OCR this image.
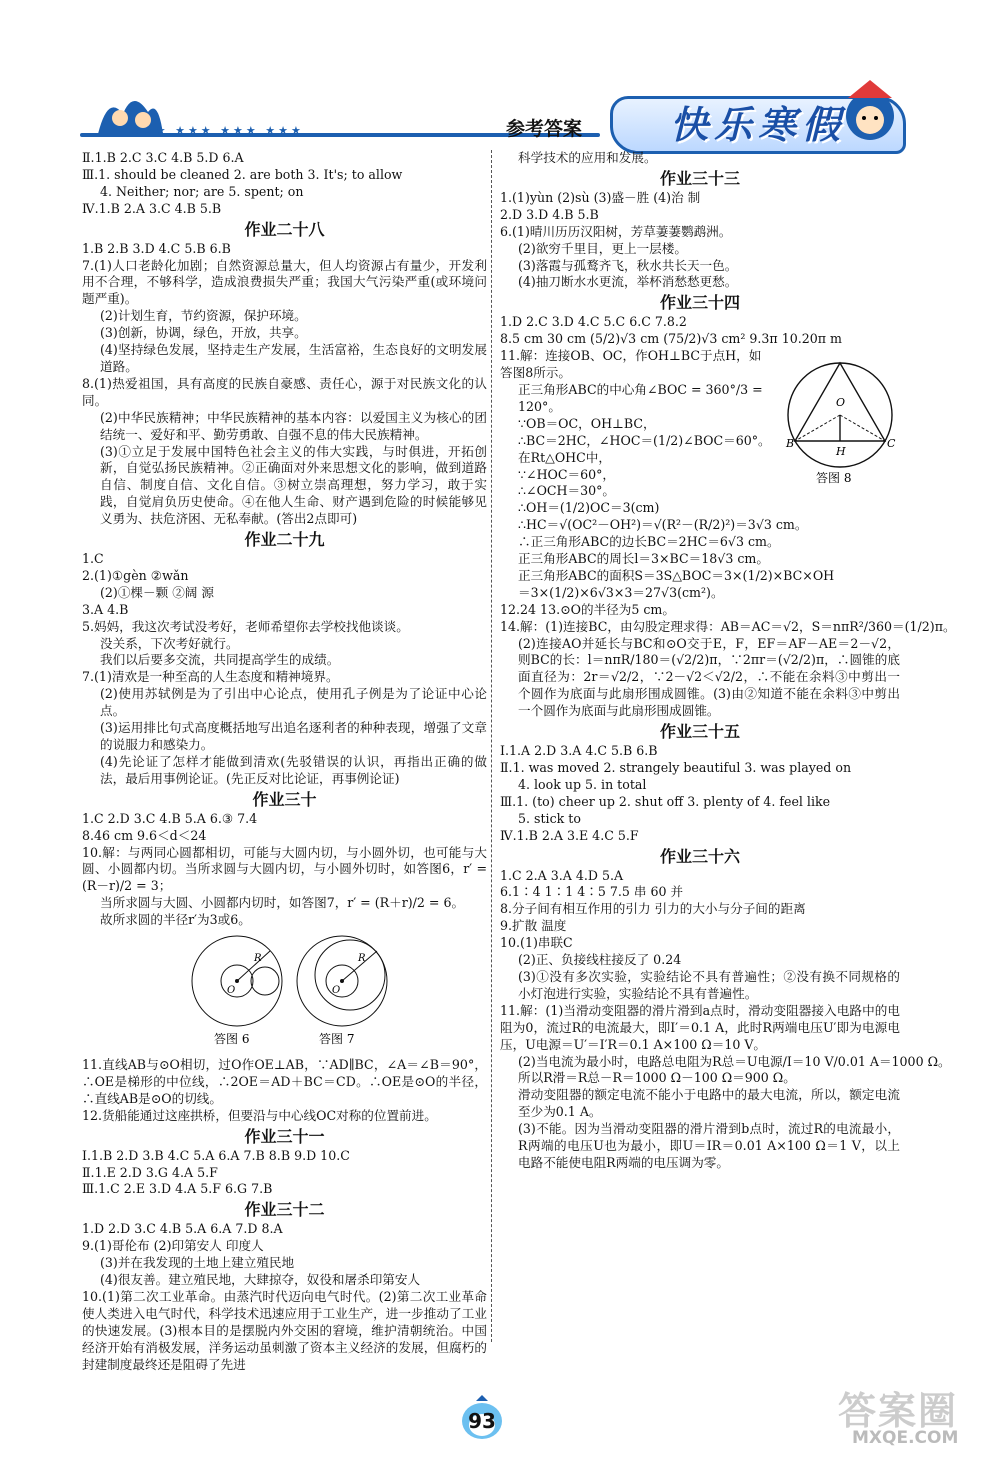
★★★ ★★★ ★★★ ★★★	参考答案	快乐寒假
Ⅱ.1.B 2.C 3.C 4.B 5.D 6.A
Ⅲ.1. should be cleaned 2. are both 3. It's; to allow
4. Neither; nor; are 5. spent; on
Ⅳ.1.B 2.A 3.C 4.B 5.B
作业二十八
1.B 2.B 3.D 4.C 5.B 6.B
7.(1)人口老龄化加剧；自然资源总量大，但人均资源占有量少，开发利用不合理，不够科学，造成浪费损失严重；我国大气污染严重(或环境问题严重)。
(2)计划生育，节约资源，保护环境。
(3)创新，协调，绿色，开放，共享。
(4)坚持绿色发展，坚持走生产发展，生活富裕，生态良好的文明发展道路。
8.(1)热爱祖国，具有高度的民族自豪感、责任心，源于对民族文化的认同。
(2)中华民族精神；中华民族精神的基本内容：以爱国主义为核心的团结统一、爱好和平、勤劳勇敢、自强不息的伟大民族精神。
(3)①立足于发展中国特色社会主义的伟大实践，与时俱进，开拓创新，自觉弘扬民族精神。②正确面对外来思想文化的影响，做到道路自信、制度自信、文化自信。③树立崇高理想，努力学习，敢于实践，自觉肩负历史使命。④在他人生命、财产遇到危险的时候能够见义勇为、扶危济困、无私奉献。(答出2点即可)
作业二十九
1.C
2.(1)①gèn ②wǎn
(2)①棵－颗 ②阔 源
3.A 4.B
5.妈妈，我这次考试没考好，老师希望你去学校找他谈谈。
没关系，下次考好就行。
我们以后要多交流，共同提高学生的成绩。
7.(1)清欢是一种至高的人生态度和精神境界。
(2)使用苏轼例是为了引出中心论点，使用孔子例是为了论证中心论点。
(3)运用排比句式高度概括地写出追名逐利者的种种表现，增强了文章的说服力和感染力。
(4)先论证了怎样才能做到清欢(先驳错误的认识，再指出正确的做法，最后用事例论证。(先正反对比论证，再事例论证)
作业三十
1.C 2.D 3.C 4.B 5.A 6.③ 7.4
8.46 cm 9.6＜d＜24
10.解：与两同心圆都相切，可能与大圆内切，与小圆外切，也可能与大圆、小圆都内切。当所求圆与大圆内切，与小圆外切时，如答图6，r′ = (R－r)/2 = 3；
当所求圆与大圆、小圆都内切时，如答图7，r′ = (R＋r)/2 = 6。
故所求圆的半径r′为3或6。
R
O
R
O
答图 6	答图 7
11.直线AB与⊙O相切，过O作OE⊥AB，∵AD∥BC，∠A＝∠B＝90°，∴OE是梯形的中位线，∴2OE＝AD＋BC＝CD。∴OE是⊙O的半径，∴直线AB是⊙O的切线。
12.货船能通过这座拱桥，但要沿与中心线OC对称的位置前进。
作业三十一
Ⅰ.1.B 2.D 3.B 4.C 5.A 6.A 7.B 8.B 9.D 10.C
Ⅱ.1.E 2.D 3.G 4.A 5.F
Ⅲ.1.C 2.E 3.D 4.A 5.F 6.G 7.B
作业三十二
1.D 2.D 3.C 4.B 5.A 6.A 7.D 8.A
9.(1)哥伦布 (2)印第安人 印度人
(3)并在我发现的土地上建立殖民地
(4)很友善。建立殖民地，大肆掠夺，奴役和屠杀印第安人
10.(1)第二次工业革命。由蒸汽时代迈向电气时代。(2)第二次工业革命使人类进入电气时代，科学技术迅速应用于工业生产，进一步推动了工业的快速发展。(3)根本目的是摆脱内外交困的窘境，维护清朝统治。中国经济开始有消极发展，洋务运动虽刺激了资本主义经济的发展，但腐朽的封建制度最终还是阻碍了先进
科学技术的应用和发展。
作业三十三
1.(1)yùn (2)sù (3)盛－胜 (4)治 制
2.D 3.D 4.B 5.B
6.(1)晴川历历汉阳树，芳草萋萋鹦鹉洲。
(2)欲穷千里目，更上一层楼。
(3)落霞与孤鹜齐飞，秋水共长天一色。
(4)抽刀断水水更流，举杯消愁愁更愁。
作业三十四
1.D 2.C 3.D 4.C 5.C 6.C 7.8.2
8.5 cm 30 cm (5/2)√3 cm (75/2)√3 cm² 9.3π 10.20π m
11.解：连接OB、OC，作OH⊥BC于点H，如答图8所示。
正三角形ABC的中心角∠BOC = 360°/3 = 120°。
∵OB＝OC，OH⊥BC，
∴BC＝2HC，∠HOC＝(1/2)∠BOC＝60°。
在Rt△OHC中，
∵∠HOC＝60°，
∴∠OCH＝30°。
∴OH＝(1/2)OC＝3(cm)
∴HC＝√(OC²－OH²)＝√(R²－(R/2)²)＝3√3 cm。
∴正三角形ABC的边长BC＝2HC＝6√3 cm。
正三角形ABC的周长l＝3×BC＝18√3 cm。
正三角形ABC的面积S＝3S△BOC＝3×(1/2)×BC×OH
＝3×(1/2)×6√3×3＝27√3(cm²)。
12.24 13.⊙O的半径为5 cm。
14.解：(1)连接BC，由勾股定理求得：AB＝AC＝√2，S＝nπR²/360＝(1/2)π。
(2)连接AO并延长与BC和⊙O交于E，F，EF＝AF－AE＝2－√2，则BC的长：l＝nπR/180＝(√2/2)π，∵2πr＝(√2/2)π，∴圆锥的底面直径为：2r＝√2/2，∵2－√2＜√2/2，∴不能在余料③中剪出一个圆作为底面与此扇形围成圆锥。(3)由②知道不能在余料③中剪出一个圆作为底面与此扇形围成圆锥。
作业三十五
Ⅰ.1.A 2.D 3.A 4.C 5.B 6.B
Ⅱ.1. was moved 2. strangely beautiful 3. was played on
4. look up 5. in total
Ⅲ.1. (to) cheer up 2. shut off 3. plenty of 4. feel like
5. stick to
Ⅳ.1.B 2.A 3.E 4.C 5.F
作业三十六
1.C 2.A 3.A 4.D 5.A
6.1∶4 1∶1 4∶5 7.5 串 60 并
8.分子间有相互作用的引力 引力的大小与分子间的距离
9.扩散 温度
10.(1)串联C
(2)正、负接线柱接反了 0.24
(3)①没有多次实验，实验结论不具有普遍性；②没有换不同规格的小灯泡进行实验，实验结论不具有普遍性。
11.解：(1)当滑动变阻器的滑片滑到a点时，滑动变阻器接入电路中的电阻为0，流过R的电流最大，即I′＝0.1 A，此时R两端电压U′即为电源电压，U电源＝U′＝I′R＝0.1 A×100 Ω＝10 V。
(2)当电流为最小时，电路总电阻为R总＝U电源/I＝10 V/0.01 A＝1000 Ω。
所以R滑＝R总－R＝1000 Ω－100 Ω＝900 Ω。
滑动变阻器的额定电流不能小于电路中的最大电流，所以，额定电流至少为0.1 A。
(3)不能。因为当滑动变阻器的滑片滑到b点时，流过R的电流最小，R两端的电压U也为最小，即U＝IR＝0.01 A×100 Ω＝1 V，以上电路不能使电阻R两端的电压调为零。
O
B	C
H
答图 8
93	答案圈
MXQE.COM
